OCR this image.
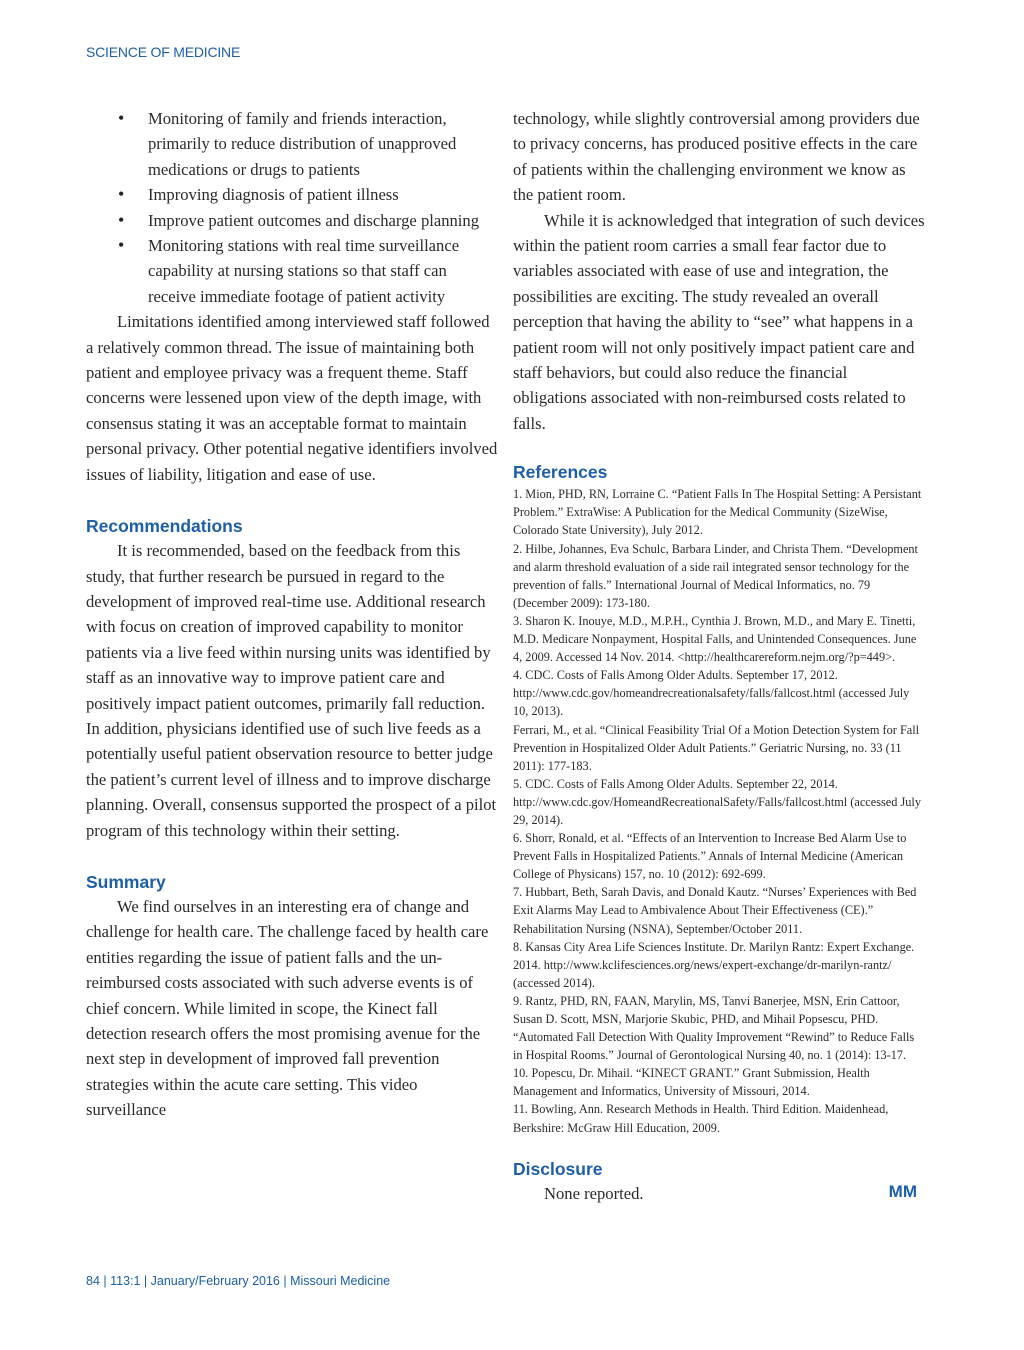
SCIENCE OF MEDICINE
• Monitoring of family and friends interaction, primarily to reduce distribution of unapproved medications or drugs to patients
• Improving diagnosis of patient illness
• Improve patient outcomes and discharge planning
• Monitoring stations with real time surveillance capability at nursing stations so that staff can receive immediate footage of patient activity

Limitations identified among interviewed staff followed a relatively common thread. The issue of maintaining both patient and employee privacy was a frequent theme. Staff concerns were lessened upon view of the depth image, with consensus stating it was an acceptable format to maintain personal privacy. Other potential negative identifiers involved issues of liability, litigation and ease of use.

Recommendations

It is recommended, based on the feedback from this study, that further research be pursued in regard to the development of improved real-time use. Additional research with focus on creation of improved capability to monitor patients via a live feed within nursing units was identified by staff as an innovative way to improve patient care and positively impact patient outcomes, primarily fall reduction. In addition, physicians identified use of such live feeds as a potentially useful patient observation resource to better judge the patient’s current level of illness and to improve discharge planning. Overall, consensus supported the prospect of a pilot program of this technology within their setting.

Summary

We find ourselves in an interesting era of change and challenge for health care. The challenge faced by health care entities regarding the issue of patient falls and the un-reimbursed costs associated with such adverse events is of chief concern. While limited in scope, the Kinect fall detection research offers the most promising avenue for the next step in development of improved fall prevention strategies within the acute care setting. This video surveillance

technology, while slightly controversial among providers due to privacy concerns, has produced positive effects in the care of patients within the challenging environment we know as the patient room.

While it is acknowledged that integration of such devices within the patient room carries a small fear factor due to variables associated with ease of use and integration, the possibilities are exciting. The study revealed an overall perception that having the ability to “see” what happens in a patient room will not only positively impact patient care and staff behaviors, but could also reduce the financial obligations associated with non-reimbursed costs related to falls.

References
1. Mion, PHD, RN, Lorraine C. “Patient Falls In The Hospital Setting: A Persistant Problem.” ExtraWise: A Publication for the Medical Community (SizeWise, Colorado State University), July 2012.
2. Hilbe, Johannes, Eva Schulc, Barbara Linder, and Christa Them. “Development and alarm threshold evaluation of a side rail integrated sensor technology for the prevention of falls.” International Journal of Medical Informatics, no. 79 (December 2009): 173-180.
3. Sharon K. Inouye, M.D., M.P.H., Cynthia J. Brown, M.D., and Mary E. Tinetti, M.D. Medicare Nonpayment, Hospital Falls, and Unintended Consequences. June 4, 2009. Accessed 14 Nov. 2014. <http://healthcarereform.nejm.org/?p=449>.
4. CDC. Costs of Falls Among Older Adults. September 17, 2012. http://www.cdc.gov/homeandrecreationalsafety/falls/fallcost.html (accessed July 10, 2013).
Ferrari, M., et al. “Clinical Feasibility Trial Of a Motion Detection System for Fall Prevention in Hospitalized Older Adult Patients.” Geriatric Nursing, no. 33 (11 2011): 177-183.
5. CDC. Costs of Falls Among Older Adults. September 22, 2014. http://www.cdc.gov/HomeandRecreationalSafety/Falls/fallcost.html (accessed July 29, 2014).
6. Shorr, Ronald, et al. “Effects of an Intervention to Increase Bed Alarm Use to Prevent Falls in Hospitalized Patients.” Annals of Internal Medicine (American College of Physicans) 157, no. 10 (2012): 692-699.
7. Hubbart, Beth, Sarah Davis, and Donald Kautz. “Nurses’ Experiences with Bed Exit Alarms May Lead to Ambivalence About Their Effectiveness (CE).” Rehabilitation Nursing (NSNA), September/October 2011.
8. Kansas City Area Life Sciences Institute. Dr. Marilyn Rantz: Expert Exchange. 2014. http://www.kclifesciences.org/news/expert-exchange/dr-marilyn-rantz/ (accessed 2014).
9. Rantz, PHD, RN, FAAN, Marylin, MS, Tanvi Banerjee, MSN, Erin Cattoor, Susan D. Scott, MSN, Marjorie Skubic, PHD, and Mihail Popsescu, PHD. “Automated Fall Detection With Quality Improvement “Rewind” to Reduce Falls in Hospital Rooms.” Journal of Gerontological Nursing 40, no. 1 (2014): 13-17.
10. Popescu, Dr. Mihail. “KINECT GRANT.” Grant Submission, Health Management and Informatics, University of Missouri, 2014.
11. Bowling, Ann. Research Methods in Health. Third Edition. Maidenhead, Berkshire: McGraw Hill Education, 2009.
Disclosure
None reported.	MM
84 | 113:1 | January/February 2016 | Missouri Medicine
